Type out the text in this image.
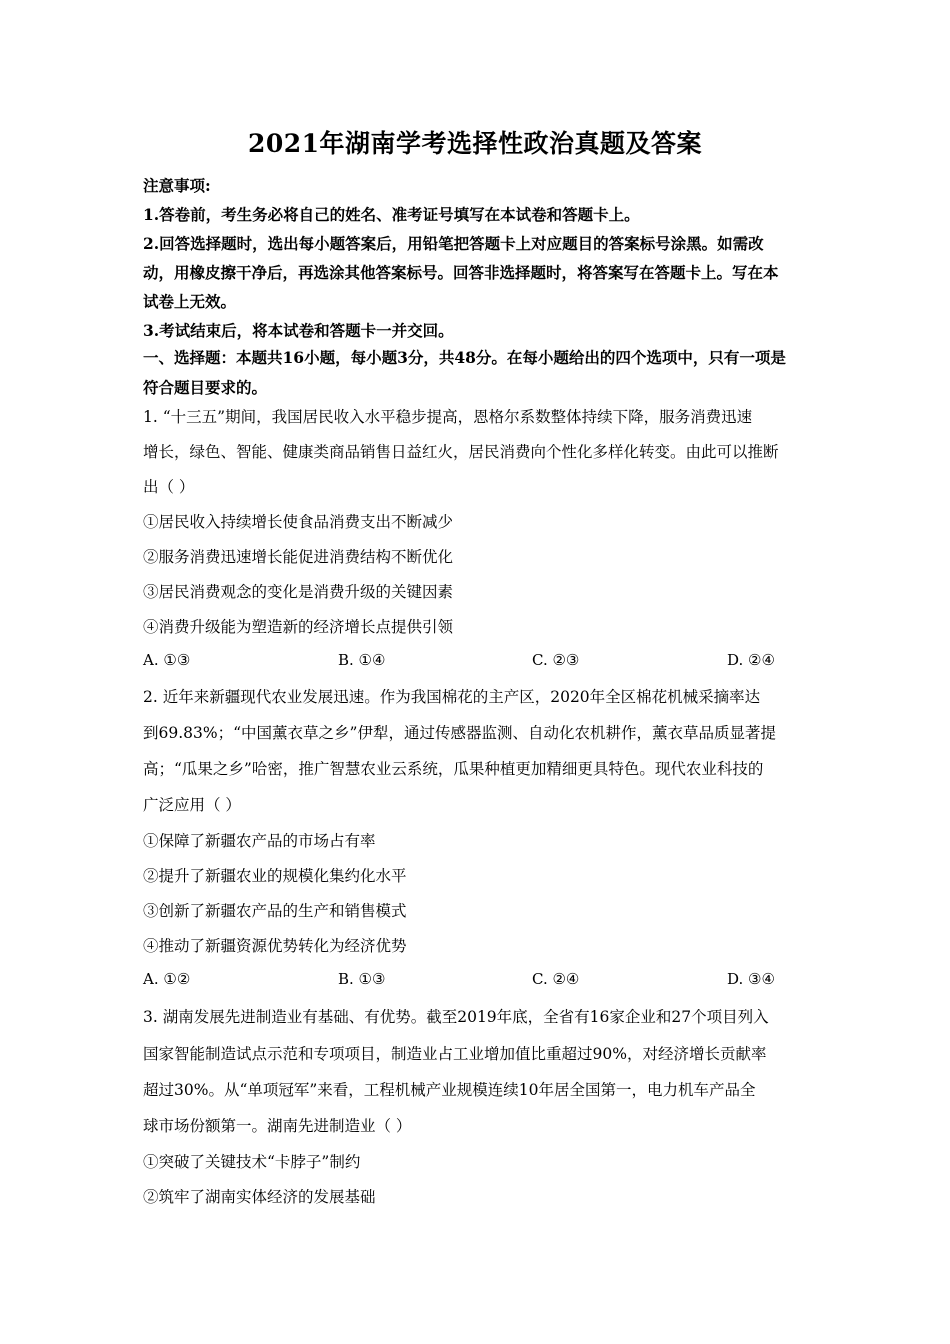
2021年湖南学考选择性政治真题及答案
注意事项:
1.答卷前，考生务必将自己的姓名、准考证号填写在本试卷和答题卡上。
2.回答选择题时，选出每小题答案后，用铅笔把答题卡上对应题目的答案标号涂黑。如需改
动，用橡皮擦干净后，再选涂其他答案标号。回答非选择题时，将答案写在答题卡上。写在本
试卷上无效。
3.考试结束后，将本试卷和答题卡一并交回。
一、选择题：本题共16小题，每小题3分，共48分。在每小题给出的四个选项中，只有一项是
符合题目要求的。
1. “十三五”期间，我国居民收入水平稳步提高，恩格尔系数整体持续下降，服务消费迅速
增长，绿色、智能、健康类商品销售日益红火，居民消费向个性化多样化转变。由此可以推断
出（ ）
①居民收入持续增长使食品消费支出不断减少
②服务消费迅速增长能促进消费结构不断优化
③居民消费观念的变化是消费升级的关键因素
④消费升级能为塑造新的经济增长点提供引领
A. ①③	B. ①④	C. ②③	D. ②④
2. 近年来新疆现代农业发展迅速。作为我国棉花的主产区，2020年全区棉花机械采摘率达
到69.83%；“中国薰衣草之乡”伊犁，通过传感器监测、自动化农机耕作，薰衣草品质显著提
高；“瓜果之乡”哈密，推广智慧农业云系统，瓜果种植更加精细更具特色。现代农业科技的
广泛应用（ ）
①保障了新疆农产品的市场占有率
②提升了新疆农业的规模化集约化水平
③创新了新疆农产品的生产和销售模式
④推动了新疆资源优势转化为经济优势
A. ①②	B. ①③	C. ②④	D. ③④
3. 湖南发展先进制造业有基础、有优势。截至2019年底，全省有16家企业和27个项目列入
国家智能制造试点示范和专项项目，制造业占工业增加值比重超过90%，对经济增长贡献率
超过30%。从“单项冠军”来看，工程机械产业规模连续10年居全国第一，电力机车产品全
球市场份额第一。湖南先进制造业（ ）
①突破了关键技术“卡脖子”制约
②筑牢了湖南实体经济的发展基础
